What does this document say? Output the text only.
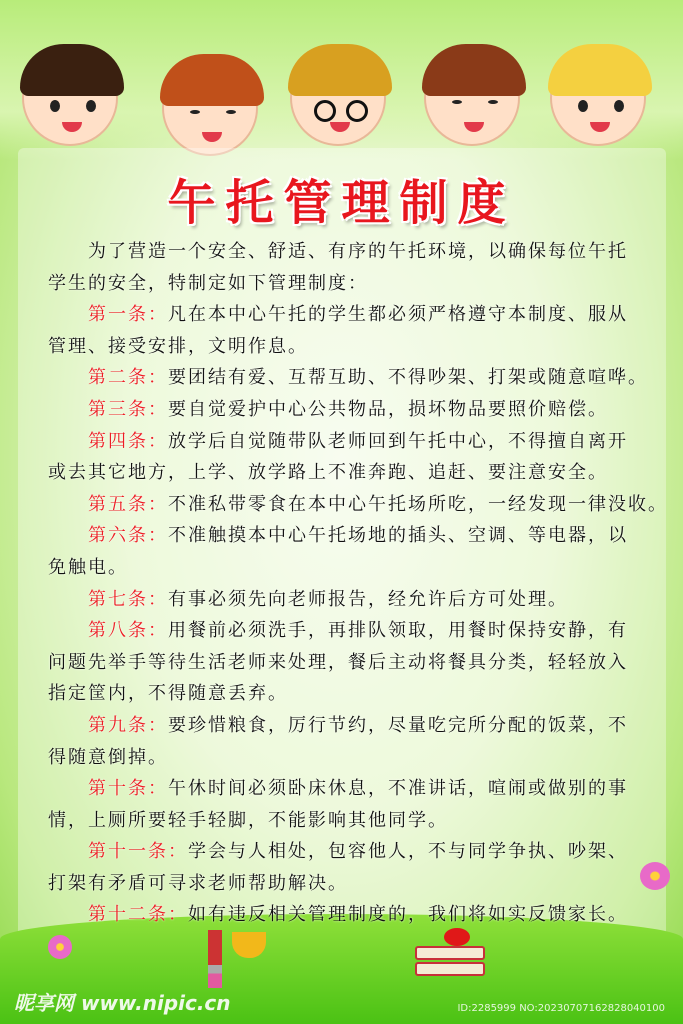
午托管理制度
昵享网 www.nipic.cn	ID:2285999 NO:20230707162828040100
为了营造一个安全、舒适、有序的午托环境，以确保每位午托
学生的安全，特制定如下管理制度：
第一条：凡在本中心午托的学生都必须严格遵守本制度、服从
管理、接受安排，文明作息。
第二条：要团结有爱、互帮互助、不得吵架、打架或随意喧哗。
第三条：要自觉爱护中心公共物品，损坏物品要照价赔偿。
第四条：放学后自觉随带队老师回到午托中心，不得擅自离开
或去其它地方，上学、放学路上不准奔跑、追赶、要注意安全。
第五条：不准私带零食在本中心午托场所吃，一经发现一律没收。
第六条：不准触摸本中心午托场地的插头、空调、等电器，以
免触电。
第七条：有事必须先向老师报告，经允许后方可处理。
第八条：用餐前必须洗手，再排队领取，用餐时保持安静，有
问题先举手等待生活老师来处理，餐后主动将餐具分类，轻轻放入
指定筐内，不得随意丢弃。
第九条：要珍惜粮食，厉行节约，尽量吃完所分配的饭菜，不
得随意倒掉。
第十条：午休时间必须卧床休息，不准讲话，喧闹或做别的事
情，上厕所要轻手轻脚，不能影响其他同学。
第十一条：学会与人相处，包容他人，不与同学争执、吵架、
打架有矛盾可寻求老师帮助解决。
第十二条：如有违反相关管理制度的，我们将如实反馈家长。
